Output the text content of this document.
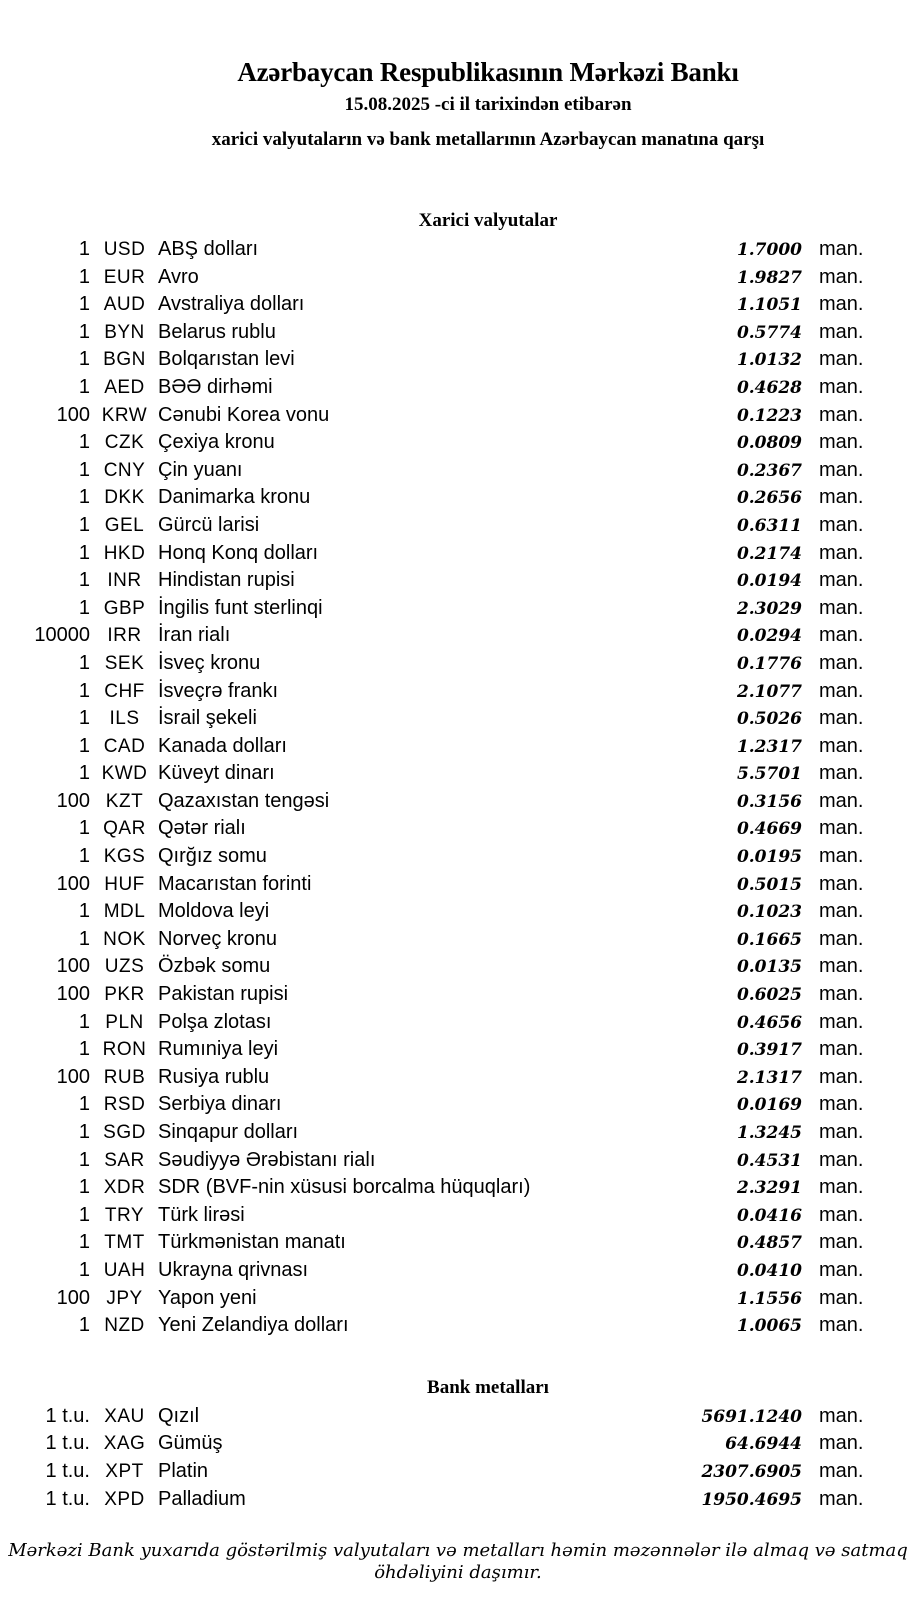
Azərbaycan Respublikasının Mərkəzi Bankı
15.08.2025 -ci il tarixindən etibarən
xarici valyutaların və bank metallarının Azərbaycan manatına qarşı
Xarici valyutalar
1 USD ABŞ dolları	1.7000 man.
1 EUR Avro	1.9827 man.
1 AUD Avstraliya dolları	1.1051 man.
1 BYN Belarus rublu	0.5774 man.
1 BGN Bolqarıstan levi	1.0132 man.
1 AED BƏƏ dirhəmi	0.4628 man.
100 KRW Cənubi Korea vonu	0.1223 man.
1 CZK Çexiya kronu	0.0809 man.
1 CNY Çin yuanı	0.2367 man.
1 DKK Danimarka kronu	0.2656 man.
1 GEL Gürcü larisi	0.6311 man.
1 HKD Honq Konq dolları	0.2174 man.
1 INR Hindistan rupisi	0.0194 man.
1 GBP İngilis funt sterlinqi	2.3029 man.
10000 IRR İran rialı	0.0294 man.
1 SEK İsveç kronu	0.1776 man.
1 CHF İsveçrə frankı	2.1077 man.
1	ILS İsrail şekeli	0.5026 man.
1 CAD Kanada dolları	1.2317 man.
1 KWD Küveyt dinarı	5.5701 man.
100 KZT Qazaxıstan tengəsi	0.3156 man.
1 QAR Qətər rialı	0.4669 man.
1 KGS Qırğız somu	0.0195 man.
100 HUF Macarıstan forinti	0.5015 man.
1 MDL Moldova leyi	0.1023 man.
1 NOK Norveç kronu	0.1665 man.
100 UZS Özbək somu	0.0135 man.
100 PKR Pakistan rupisi	0.6025 man.
1 PLN Polşa zlotası	0.4656 man.
1 RON Rumıniya leyi	0.3917 man.
100 RUB Rusiya rublu	2.1317 man.
1 RSD Serbiya dinarı	0.0169 man.
1 SGD Sinqapur dolları	1.3245 man.
1 SAR Səudiyyə Ərəbistanı rialı	0.4531 man.
1 XDR SDR (BVF-nin xüsusi borcalma hüquqları)	2.3291 man.
1 TRY Türk lirəsi	0.0416 man.
1 TMT Türkmənistan manatı	0.4857 man.
1 UAH Ukrayna qrivnası	0.0410 man.
100 JPY Yapon yeni	1.1556 man.
1 NZD Yeni Zelandiya dolları	1.0065 man.
Bank metalları
1 t.u. XAU Qızıl	5691.1240 man.
1 t.u. XAG Gümüş	64.6944 man.
1 t.u. XPT Platin	2307.6905 man.
1 t.u. XPD Palladium	1950.4695 man.
Mərkəzi Bank yuxarıda göstərilmiş valyutaları və metalları həmin məzənnələr ilə almaq və satmaq öhdəliyini daşımır.
